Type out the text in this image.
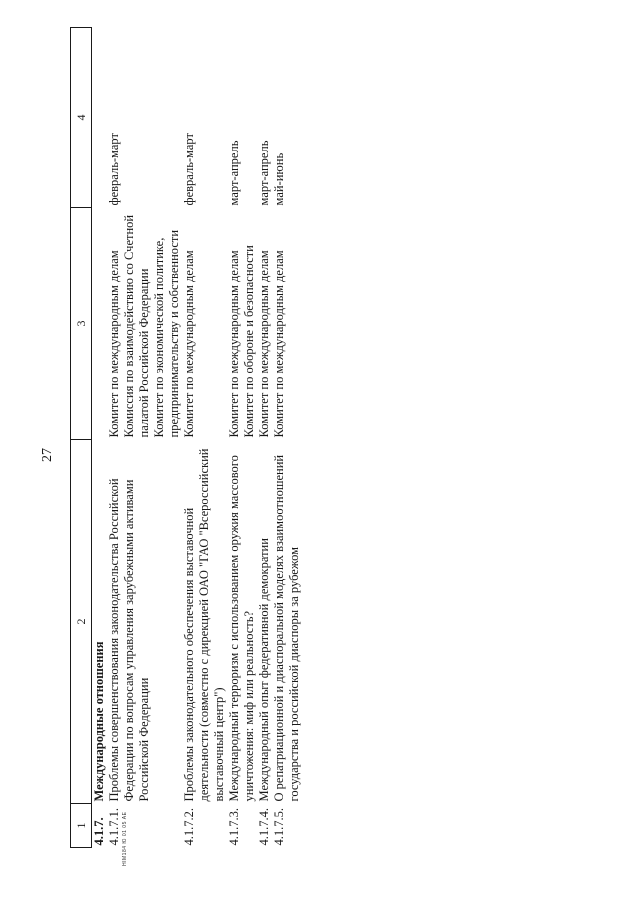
27
1	2	3	4
4.1.7.	Международные отношения		
4.1.7.1.	Проблемы совершенствования законодательства Российской Федерации по вопросам управления зарубежными активами Российской Федерации	Комитет по международным делам Комиссия по взаимодействию со Счетной палатой Российской Федерации Комитет по экономической политике, предпринимательству и собственности	февраль-март
4.1.7.2.	Проблемы законодательного обеспечения выставочной деятельности (совместно с дирекцией ОАО "ГАО "Всероссийский выставочный центр")	Комитет по международным делам	февраль-март
4.1.7.3.	Международный терроризм с использованием оружия массового уничтожения: миф или реальность?	Комитет по международным делам Комитет по обороне и безопасности	март-апрель
4.1.7.4.	Международный опыт федеративной демократии	Комитет по международным делам	март-апрель
4.1.7.5.	О репатриационной и диаспоральной моделях взаимоотношений государства и российской диаспоры за рубежом	Комитет по международным делам	май-июнь
HIM184 Ю 01 05 АЕ
